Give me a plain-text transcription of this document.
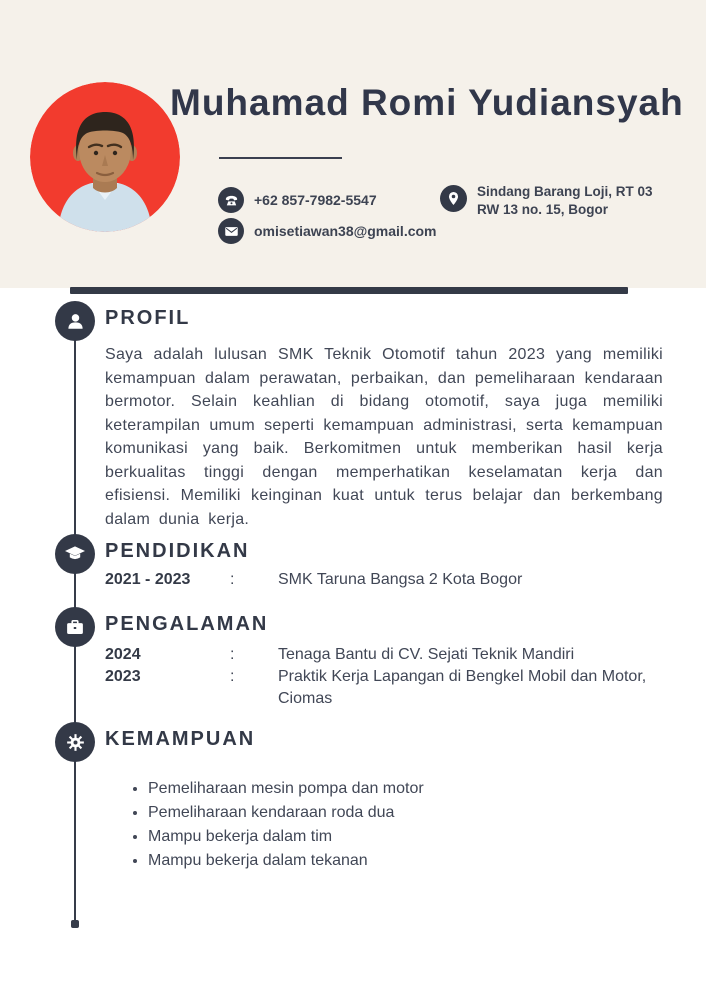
Muhamad Romi Yudiansyah
+62 857-7982-5547
omisetiawan38@gmail.com
Sindang Barang Loji, RT 03
RW 13 no. 15, Bogor
PROFIL
Saya adalah lulusan SMK Teknik Otomotif tahun 2023 yang memiliki kemampuan dalam perawatan, perbaikan, dan pemeliharaan kendaraan bermotor. Selain keahlian di bidang otomotif, saya juga memiliki keterampilan umum seperti kemampuan administrasi, serta kemampuan komunikasi yang baik. Berkomitmen untuk memberikan hasil kerja berkualitas tinggi dengan memperhatikan keselamatan kerja dan efisiensi. Memiliki keinginan kuat untuk terus belajar dan berkembang dalam dunia kerja.
PENDIDIKAN
2021 - 2023	:	SMK Taruna Bangsa 2 Kota Bogor
PENGALAMAN
2024	:	Tenaga Bantu di CV. Sejati Teknik Mandiri
2023	:	Praktik Kerja Lapangan di Bengkel Mobil dan Motor, Ciomas
KEMAMPUAN
• Pemeliharaan mesin pompa dan motor
• Pemeliharaan kendaraan roda dua
• Mampu bekerja dalam tim
• Mampu bekerja dalam tekanan
